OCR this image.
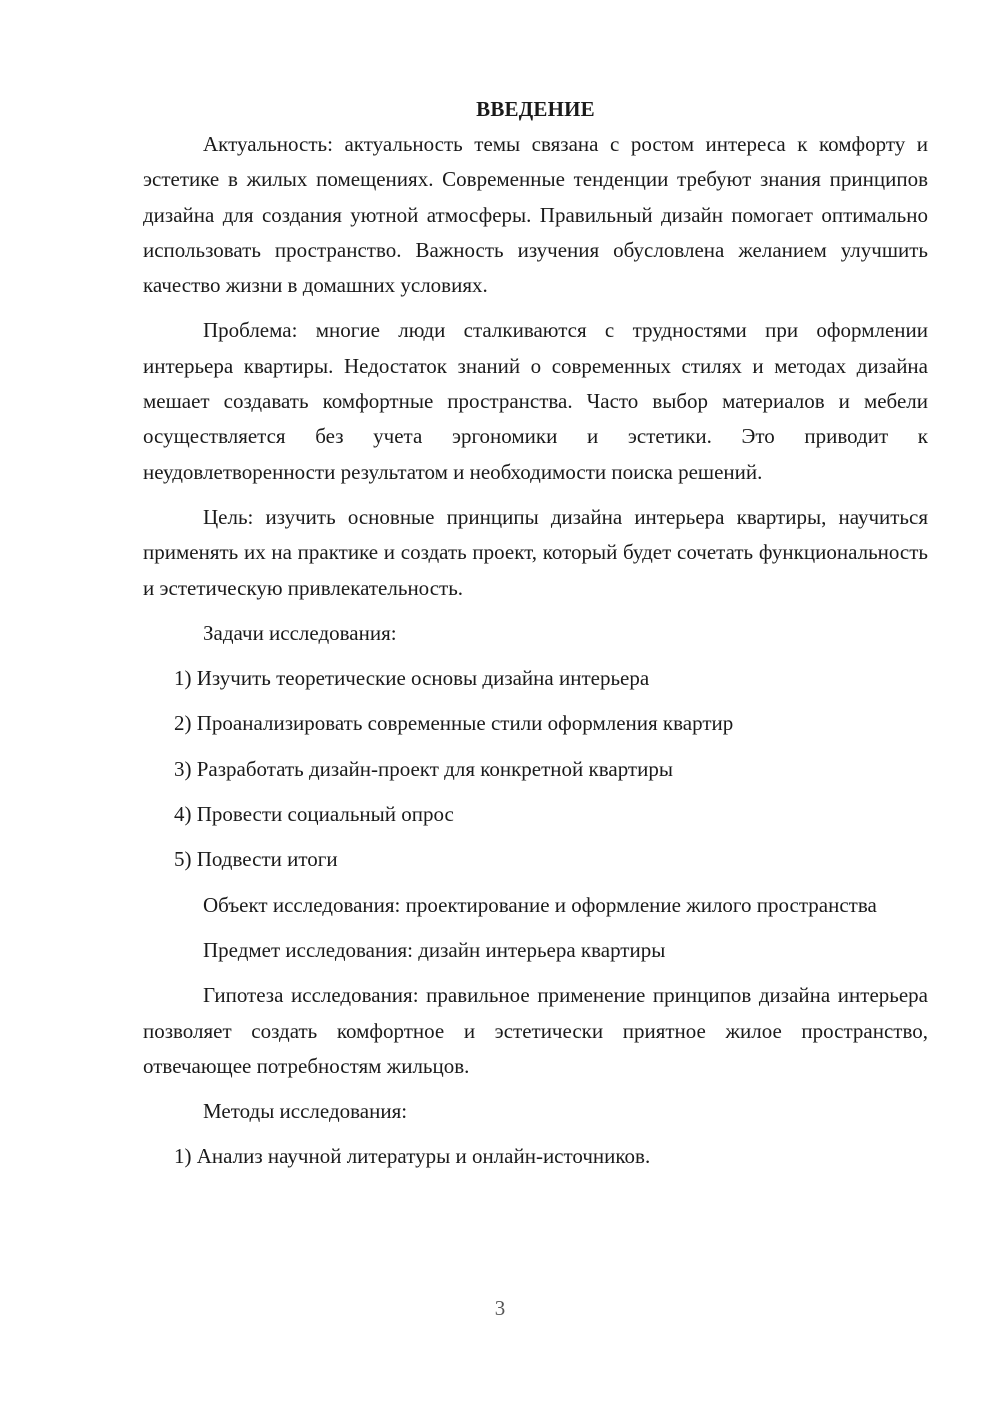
ВВЕДЕНИЕ

Актуальность: актуальность темы связана с ростом интереса к комфорту и эстетике в жилых помещениях. Современные тенденции требуют знания принципов дизайна для создания уютной атмосферы. Правильный дизайн помогает оптимально использовать пространство. Важность изучения обусловлена желанием улучшить качество жизни в домашних условиях.

Проблема: многие люди сталкиваются с трудностями при оформлении интерьера квартиры. Недостаток знаний о современных стилях и методах дизайна мешает создавать комфортные пространства. Часто выбор материалов и мебели осуществляется без учета эргономики и эстетики. Это приводит к неудовлетворенности результатом и необходимости поиска решений.

Цель: изучить основные принципы дизайна интерьера квартиры, научиться применять их на практике и создать проект, который будет сочетать функциональность и эстетическую привлекательность.

Задачи исследования:

1) Изучить теоретические основы дизайна интерьера
2) Проанализировать современные стили оформления квартир
3) Разработать дизайн-проект для конкретной квартиры
4) Провести социальный опрос
5) Подвести итоги

Объект исследования: проектирование и оформление жилого пространства

Предмет исследования: дизайн интерьера квартиры

Гипотеза исследования: правильное применение принципов дизайна интерьера позволяет создать комфортное и эстетически приятное жилое пространство, отвечающее потребностям жильцов.

Методы исследования:

1) Анализ научной литературы и онлайн-источников.
3
